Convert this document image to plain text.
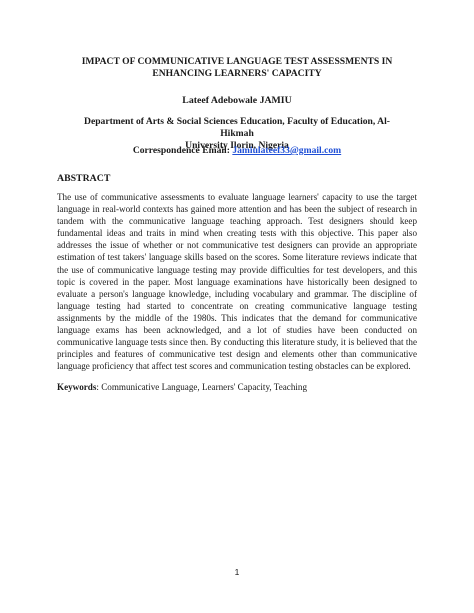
IMPACT OF COMMUNICATIVE LANGUAGE TEST ASSESSMENTS IN
ENHANCING LEARNERS' CAPACITY
Lateef Adebowale JAMIU
Department of Arts & Social Sciences Education, Faculty of Education, Al-Hikmah
University Ilorin, Nigeria
Correspondence Email: Jamiulateef33@gmail.com
ABSTRACT
The use of communicative assessments to evaluate language learners' capacity to use the target language in real-world contexts has gained more attention and has been the subject of research in tandem with the communicative language teaching approach. Test designers should keep fundamental ideas and traits in mind when creating tests with this objective. This paper also addresses the issue of whether or not communicative test designers can provide an appropriate estimation of test takers' language skills based on the scores. Some literature reviews indicate that the use of communicative language testing may provide difficulties for test developers, and this topic is covered in the paper. Most language examinations have historically been designed to evaluate a person's language knowledge, including vocabulary and grammar. The discipline of language testing had started to concentrate on creating communicative language testing assignments by the middle of the 1980s. This indicates that the demand for communicative language exams has been acknowledged, and a lot of studies have been conducted on communicative language tests since then. By conducting this literature study, it is believed that the principles and features of communicative test design and elements other than communicative language proficiency that affect test scores and communication testing obstacles can be explored.
Keywords: Communicative Language, Learners' Capacity, Teaching
1
